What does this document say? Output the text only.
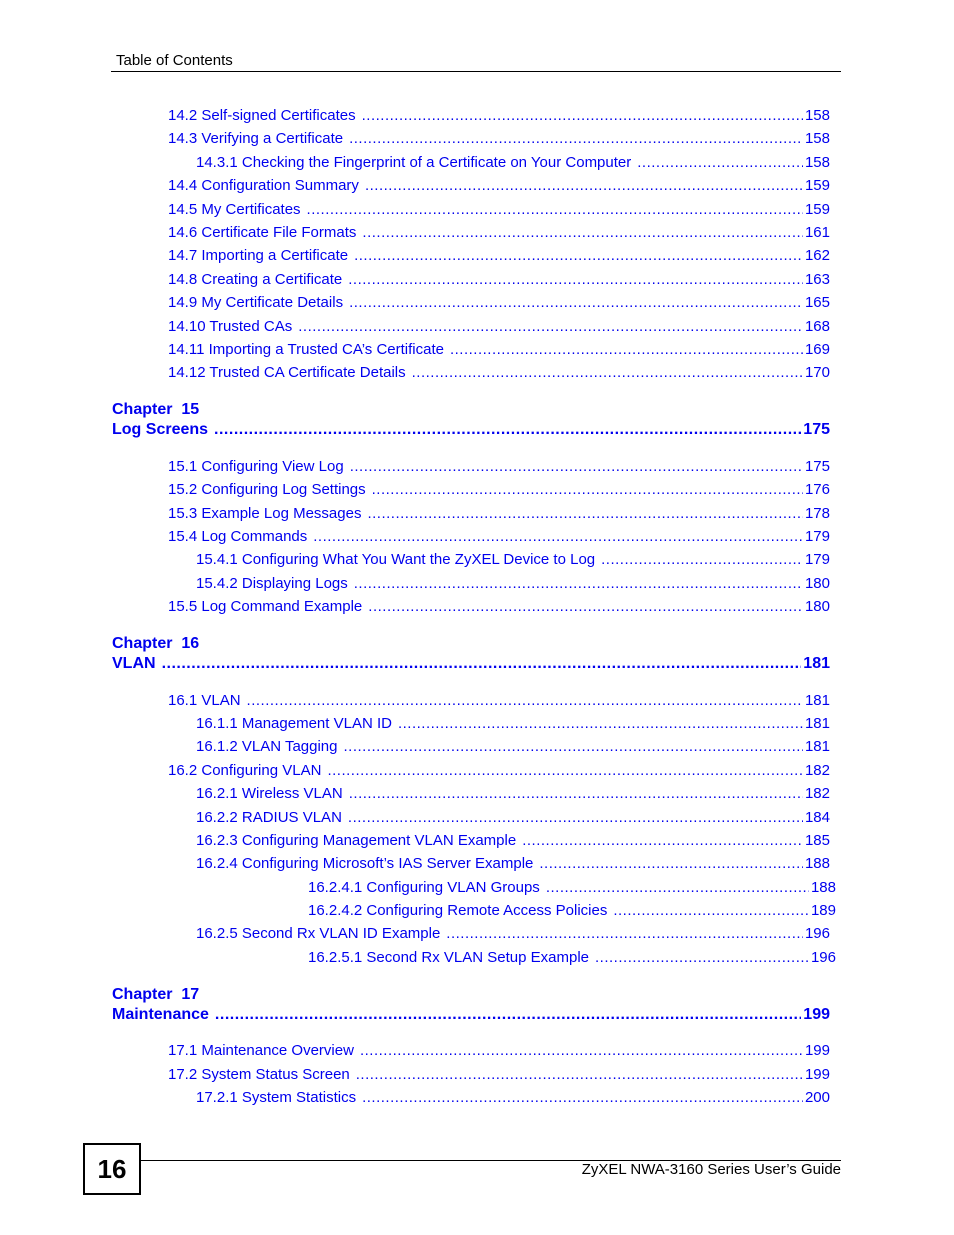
Table of Contents
14.2 Self-signed Certificates .....	158
14.3 Verifying a Certificate .....	158
14.3.1 Checking the Fingerprint of a Certificate on Your Computer .....	158
14.4 Configuration Summary .....	159
14.5 My Certificates .....	159
14.6 Certificate File Formats .....	161
14.7 Importing a Certificate .....	162
14.8 Creating a Certificate .....	163
14.9 My Certificate Details .....	165
14.10 Trusted CAs .....	168
14.11 Importing a Trusted CA’s Certificate .....	169
14.12 Trusted CA Certificate Details .....	170
Chapter  15
Log Screens .....	175
15.1 Configuring View Log .....	175
15.2 Configuring Log Settings .....	176
15.3 Example Log Messages .....	178
15.4 Log Commands .....	179
15.4.1 Configuring What You Want the ZyXEL Device to Log .....	179
15.4.2 Displaying Logs .....	180
15.5 Log Command Example .....	180
Chapter  16
VLAN .....	181
16.1 VLAN .....	181
16.1.1 Management VLAN ID .....	181
16.1.2 VLAN Tagging .....	181
16.2 Configuring VLAN .....	182
16.2.1 Wireless VLAN .....	182
16.2.2 RADIUS VLAN .....	184
16.2.3 Configuring Management VLAN Example .....	185
16.2.4 Configuring Microsoft’s IAS Server Example .....	188
16.2.4.1 Configuring VLAN Groups .....	188
16.2.4.2 Configuring Remote Access Policies .....	189
16.2.5 Second Rx VLAN ID Example .....	196
16.2.5.1 Second Rx VLAN Setup Example .....	196
Chapter  17
Maintenance .....	199
17.1 Maintenance Overview .....	199
17.2 System Status Screen .....	199
17.2.1 System Statistics .....	200
16	ZyXEL NWA-3160 Series User’s Guide
